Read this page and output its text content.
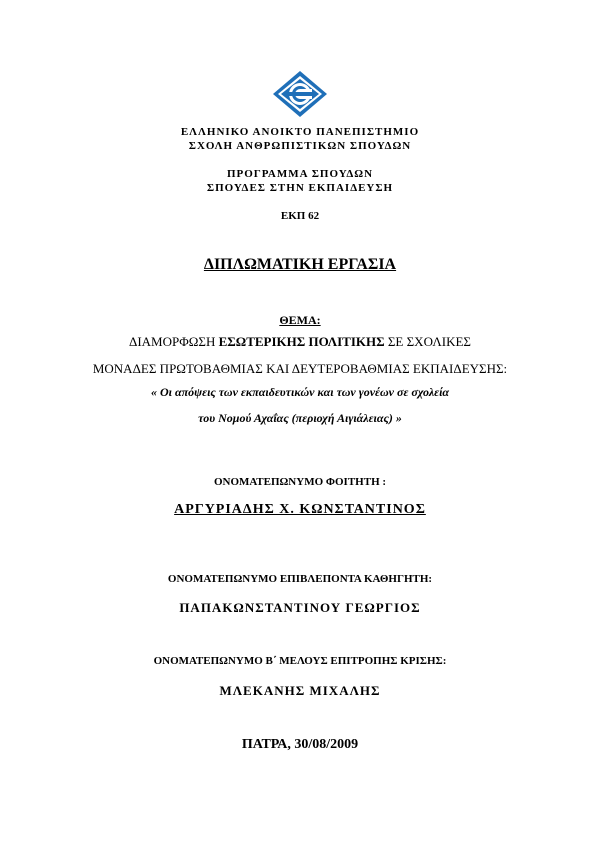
ΕΛΛΗΝΙΚΟ ΑΝΟΙΚΤΟ ΠΑΝΕΠΙΣΤΗΜΙΟ
ΣΧΟΛΗ ΑΝΘΡΩΠΙΣΤΙΚΩΝ ΣΠΟΥΔΩΝ
ΠΡΟΓΡΑΜΜΑ ΣΠΟΥΔΩΝ
ΣΠΟΥΔΕΣ ΣΤΗΝ ΕΚΠΑΙΔΕΥΣΗ
ΕΚΠ 62
ΔΙΠΛΩΜΑΤΙΚΗ ΕΡΓΑΣΙΑ
ΘΕΜΑ:
ΔΙΑΜΟΡΦΩΣΗ ΕΣΩΤΕΡΙΚΗΣ ΠΟΛΙΤΙΚΗΣ ΣΕ ΣΧΟΛΙΚΕΣ
ΜΟΝΑΔΕΣ ΠΡΩΤΟΒΑΘΜΙΑΣ ΚΑΙ ΔΕΥΤΕΡΟΒΑΘΜΙΑΣ ΕΚΠΑΙΔΕΥΣΗΣ:
« Οι απόψεις των εκπαιδευτικών και των γονέων σε σχολεία
του Νομού Αχαΐας (περιοχή Αιγιάλειας) »
ΟΝΟΜΑΤΕΠΩΝΥΜΟ ΦΟΙΤΗΤΗ :
ΑΡΓΥΡΙΑΔΗΣ Χ. ΚΩΝΣΤΑΝΤΙΝΟΣ
ΟΝΟΜΑΤΕΠΩΝΥΜΟ ΕΠΙΒΛΕΠΟΝΤΑ ΚΑΘΗΓΗΤΗ:
ΠΑΠΑΚΩΝΣΤΑΝΤΙΝΟΥ ΓΕΩΡΓΙΟΣ
ΟΝΟΜΑΤΕΠΩΝΥΜΟ Β΄ ΜΕΛΟΥΣ ΕΠΙΤΡΟΠΗΣ ΚΡΙΣΗΣ:
ΜΛΕΚΑΝΗΣ ΜΙΧΑΛΗΣ
ΠΑΤΡΑ, 30/08/2009
